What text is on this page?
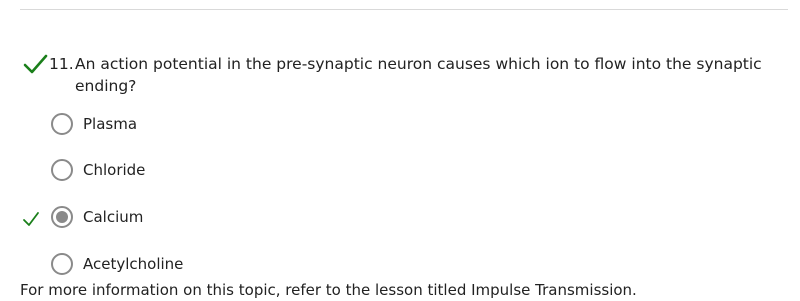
11. An action potential in the pre-synaptic neuron causes which ion to flow into the synaptic ending?
Plasma
Chloride
Calcium
Acetylcholine
For more information on this topic, refer to the lesson titled Impulse Transmission.
